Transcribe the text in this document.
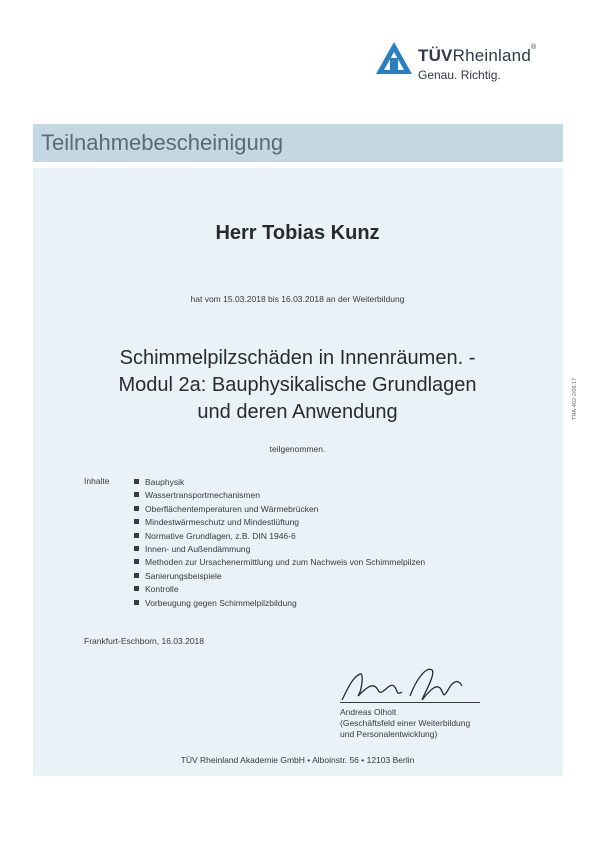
TÜVRheinland®
Genau. Richtig.
Teilnahmebescheinigung
Herr Tobias Kunz
hat vom 15.03.2018 bis 16.03.2018 an der Weiterbildung
Schimmelpilzschäden in Innenräumen. -
Modul 2a: Bauphysikalische Grundlagen
und deren Anwendung
teilgenommen.
Inhalte	Bauphysik
Wassertransportmechanismen
Oberflächentemperaturen und Wärmebrücken
Mindestwärmeschutz und Mindestlüftung
Normative Grundlagen, z.B. DIN 1946-6
Innen- und Außendämmung
Methoden zur Ursachenermittlung und zum Nachweis von Schimmelpilzen
Sanierungsbeispiele
Kontrolle
Vorbeugung gegen Schimmelpilzbildung
Frankfurt-Eschborn, 16.03.2018
Andreas Olholt
(Geschäftsfeld einer Weiterbildung
und Personalentwicklung)
TÜV Rheinland Akademie GmbH • Alboinstr. 56 • 12103 Berlin
TRA-402-2/06.17
